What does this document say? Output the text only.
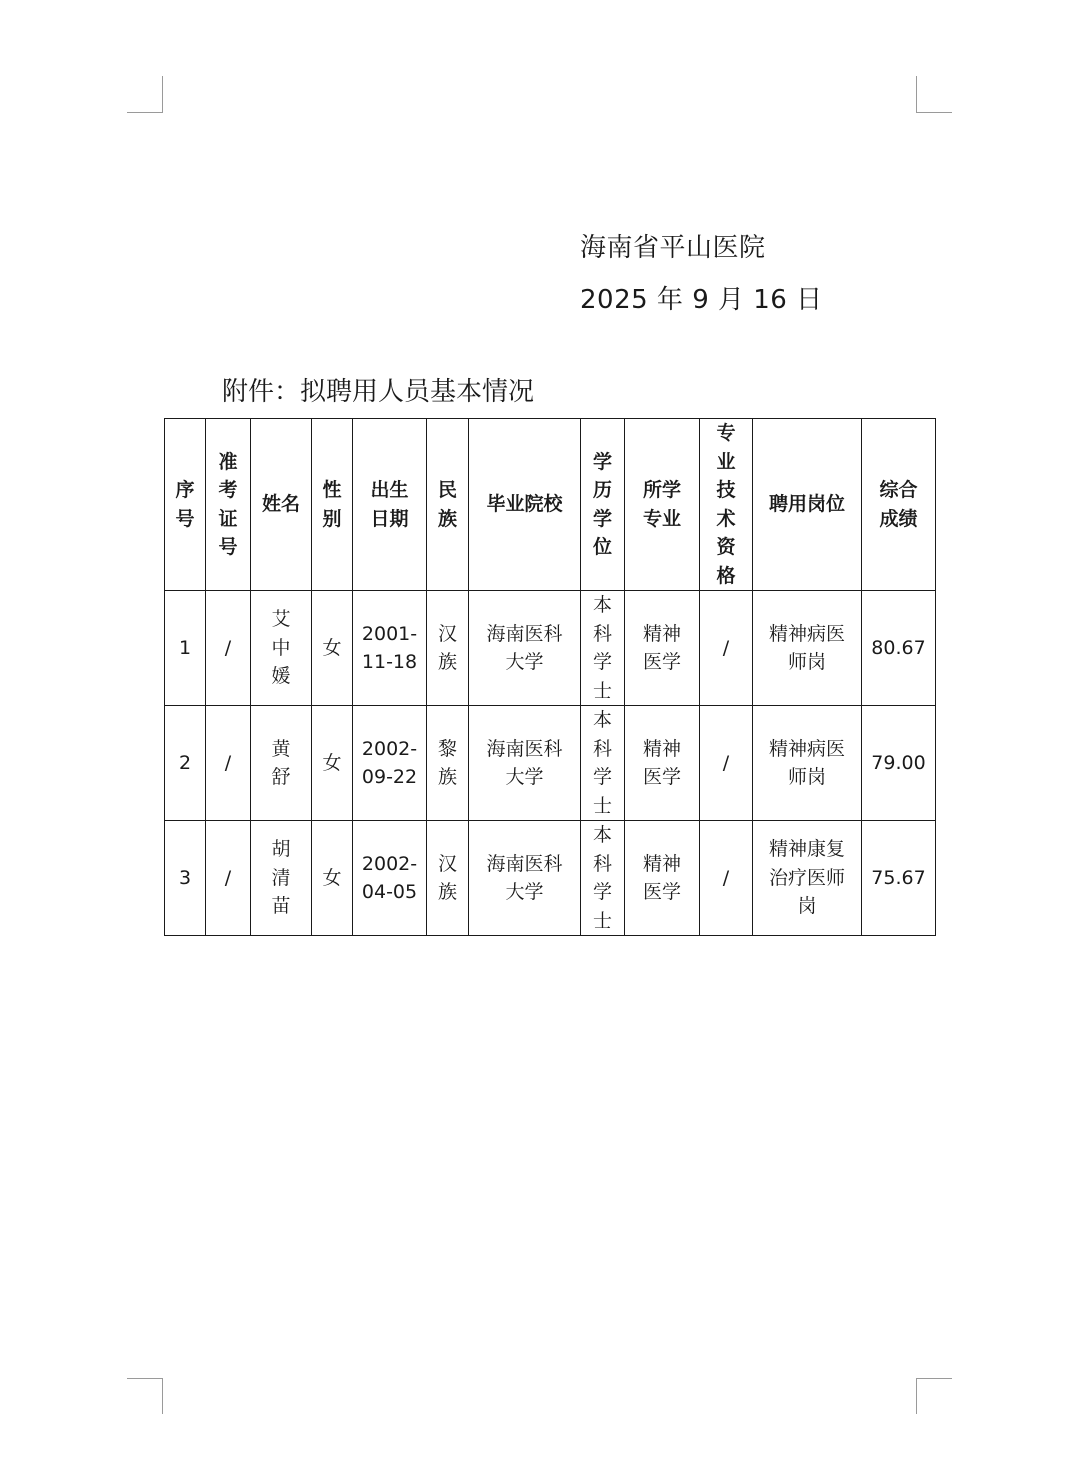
海南省平山医院
2025 年 9 月 16 日
附件：拟聘用人员基本情况
序号	准考证号	姓名	性别	出生日期	民族	毕业院校	学历学位	所学专业	专业技术资格	聘用岗位	综合成绩
1	/	艾中媛	女	2001-11-18	汉族	海南医科大学	本科学士	精神医学	/	精神病医师岗	80.67
2	/	黄舒	女	2002-09-22	黎族	海南医科大学	本科学士	精神医学	/	精神病医师岗	79.00
3	/	胡清苗	女	2002-04-05	汉族	海南医科大学	本科学士	精神医学	/	精神康复治疗医师岗	75.67
